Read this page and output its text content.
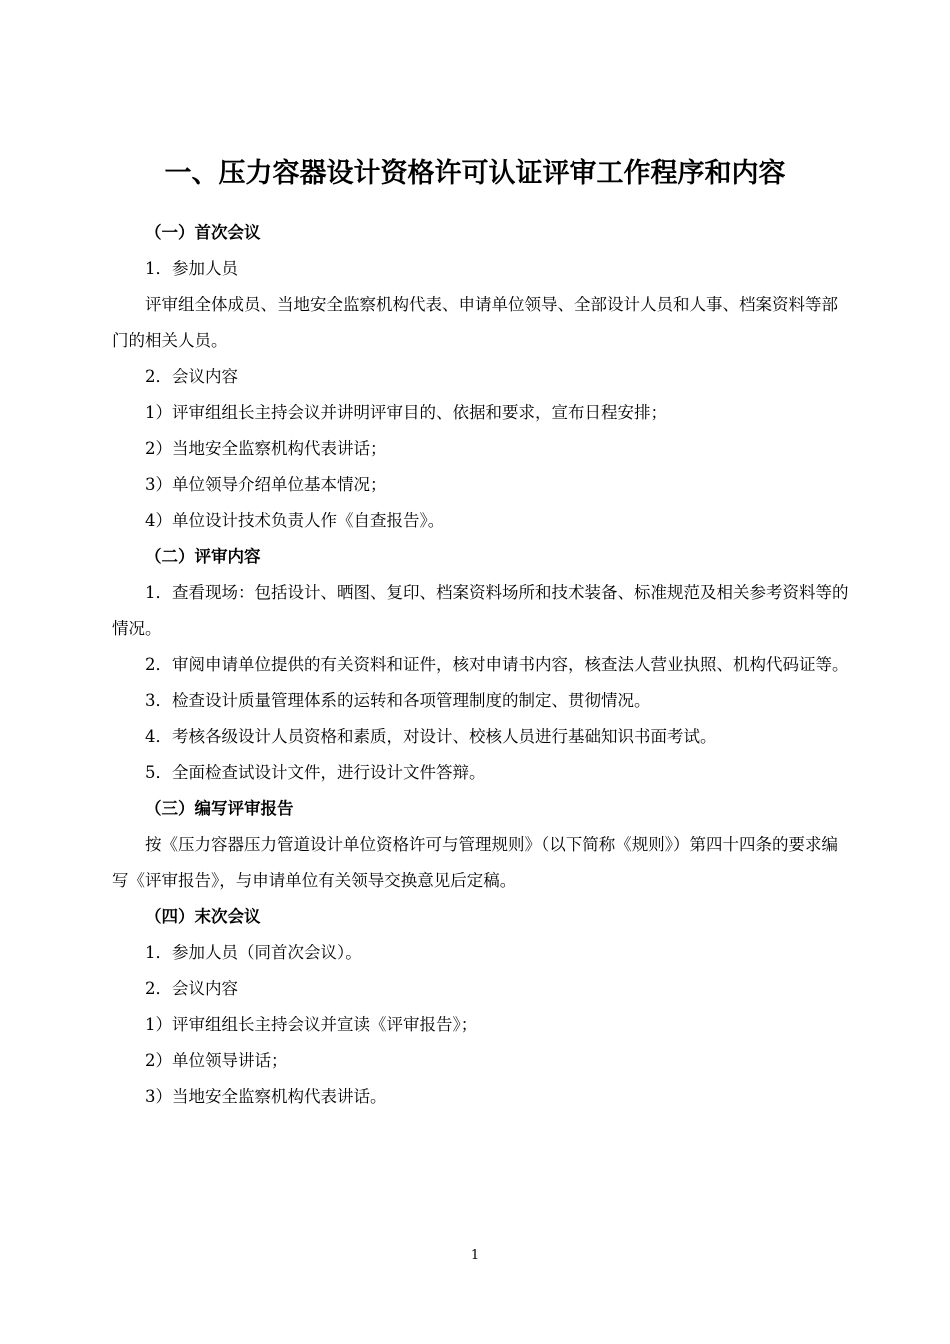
一、压力容器设计资格许可认证评审工作程序和内容
（一）首次会议
1．参加人员
评审组全体成员、当地安全监察机构代表、申请单位领导、全部设计人员和人事、档案资料等部门的相关人员。
2．会议内容
1）评审组组长主持会议并讲明评审目的、依据和要求，宣布日程安排；
2）当地安全监察机构代表讲话；
3）单位领导介绍单位基本情况；
4）单位设计技术负责人作《自查报告》。
（二）评审内容
1．查看现场：包括设计、晒图、复印、档案资料场所和技术装备、标准规范及相关参考资料等的情况。
2．审阅申请单位提供的有关资料和证件，核对申请书内容，核查法人营业执照、机构代码证等。
3．检查设计质量管理体系的运转和各项管理制度的制定、贯彻情况。
4．考核各级设计人员资格和素质，对设计、校核人员进行基础知识书面考试。
5．全面检查试设计文件，进行设计文件答辩。
（三）编写评审报告
按《压力容器压力管道设计单位资格许可与管理规则》（以下简称《规则》）第四十四条的要求编写《评审报告》，与申请单位有关领导交换意见后定稿。
（四）末次会议
1．参加人员（同首次会议）。
2．会议内容
1）评审组组长主持会议并宣读《评审报告》；
2）单位领导讲话；
3）当地安全监察机构代表讲话。
1
